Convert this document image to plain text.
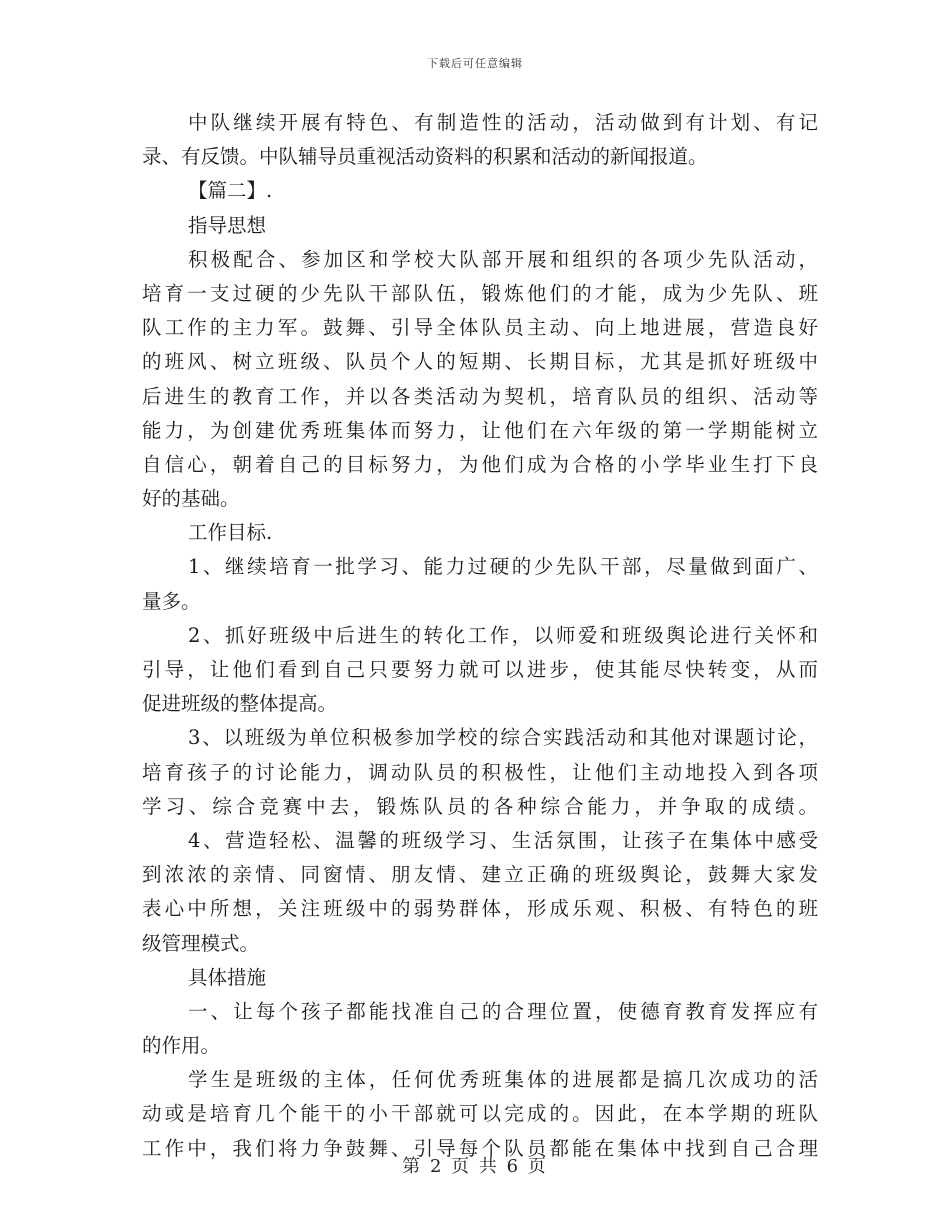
下载后可任意编辑
中队继续开展有特色、有制造性的活动，活动做到有计划、有记
录、有反馈。中队辅导员重视活动资料的积累和活动的新闻报道。
【篇二】.
指导思想
积极配合、参加区和学校大队部开展和组织的各项少先队活动，
培育一支过硬的少先队干部队伍，锻炼他们的才能，成为少先队、班
队工作的主力军。鼓舞、引导全体队员主动、向上地进展，营造良好
的班风、树立班级、队员个人的短期、长期目标，尤其是抓好班级中
后进生的教育工作，并以各类活动为契机，培育队员的组织、活动等
能力，为创建优秀班集体而努力，让他们在六年级的第一学期能树立
自信心，朝着自己的目标努力，为他们成为合格的小学毕业生打下良
好的基础。
工作目标.
1、继续培育一批学习、能力过硬的少先队干部，尽量做到面广、
量多。
2、抓好班级中后进生的转化工作，以师爱和班级舆论进行关怀和
引导，让他们看到自己只要努力就可以进步，使其能尽快转变，从而
促进班级的整体提高。
3、以班级为单位积极参加学校的综合实践活动和其他对课题讨论，
培育孩子的讨论能力，调动队员的积极性，让他们主动地投入到各项
学习、综合竞赛中去，锻炼队员的各种综合能力，并争取的成绩。
4、营造轻松、温馨的班级学习、生活氛围，让孩子在集体中感受
到浓浓的亲情、同窗情、朋友情、建立正确的班级舆论，鼓舞大家发
表心中所想，关注班级中的弱势群体，形成乐观、积极、有特色的班
级管理模式。
具体措施
一、让每个孩子都能找准自己的合理位置，使德育教育发挥应有
的作用。
学生是班级的主体，任何优秀班集体的进展都是搞几次成功的活
动或是培育几个能干的小干部就可以完成的。因此，在本学期的班队
工作中，我们将力争鼓舞、引导每个队员都能在集体中找到自己合理
第 2 页 共 6 页
